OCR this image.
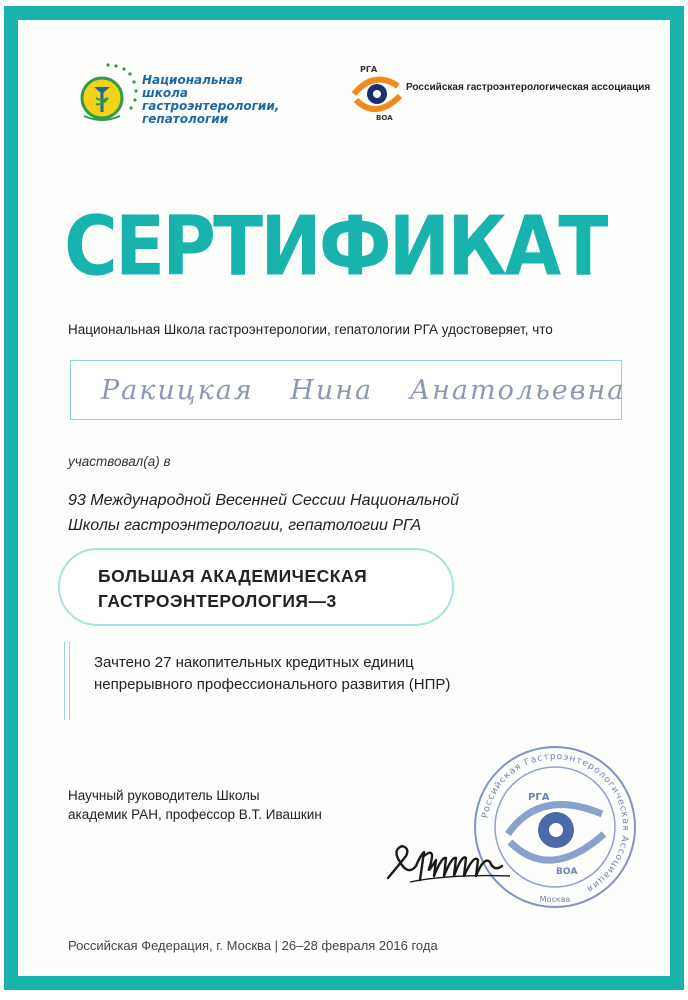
Национальная школа
гастроэнтерологии,
гепатологии
РГА
ВОА
Российская гастроэнтерологическая ассоциация
СЕРТИФИКАТ
Национальная Школа гастроэнтерологии, гепатологии РГА удостоверяет, что
Ракицкая Нина Анатольевна
участвовал(а) в
93 Международной Весенней Сессии Национальной
Школы гастроэнтерологии, гепатологии РГА
БОЛЬШАЯ АКАДЕМИЧЕСКАЯ
ГАСТРОЭНТЕРОЛОГИЯ—3
Зачтено 27 накопительных кредитных единиц
непрерывного профессионального развития (НПР)
Научный руководитель Школы
академик РАН, профессор В.Т. Ивашкин	Российская Гастроэнтерологическая Ассоциация
Москва
РГА
ВОА
Российская Федерация, г. Москва | 26–28 февраля 2016 года
